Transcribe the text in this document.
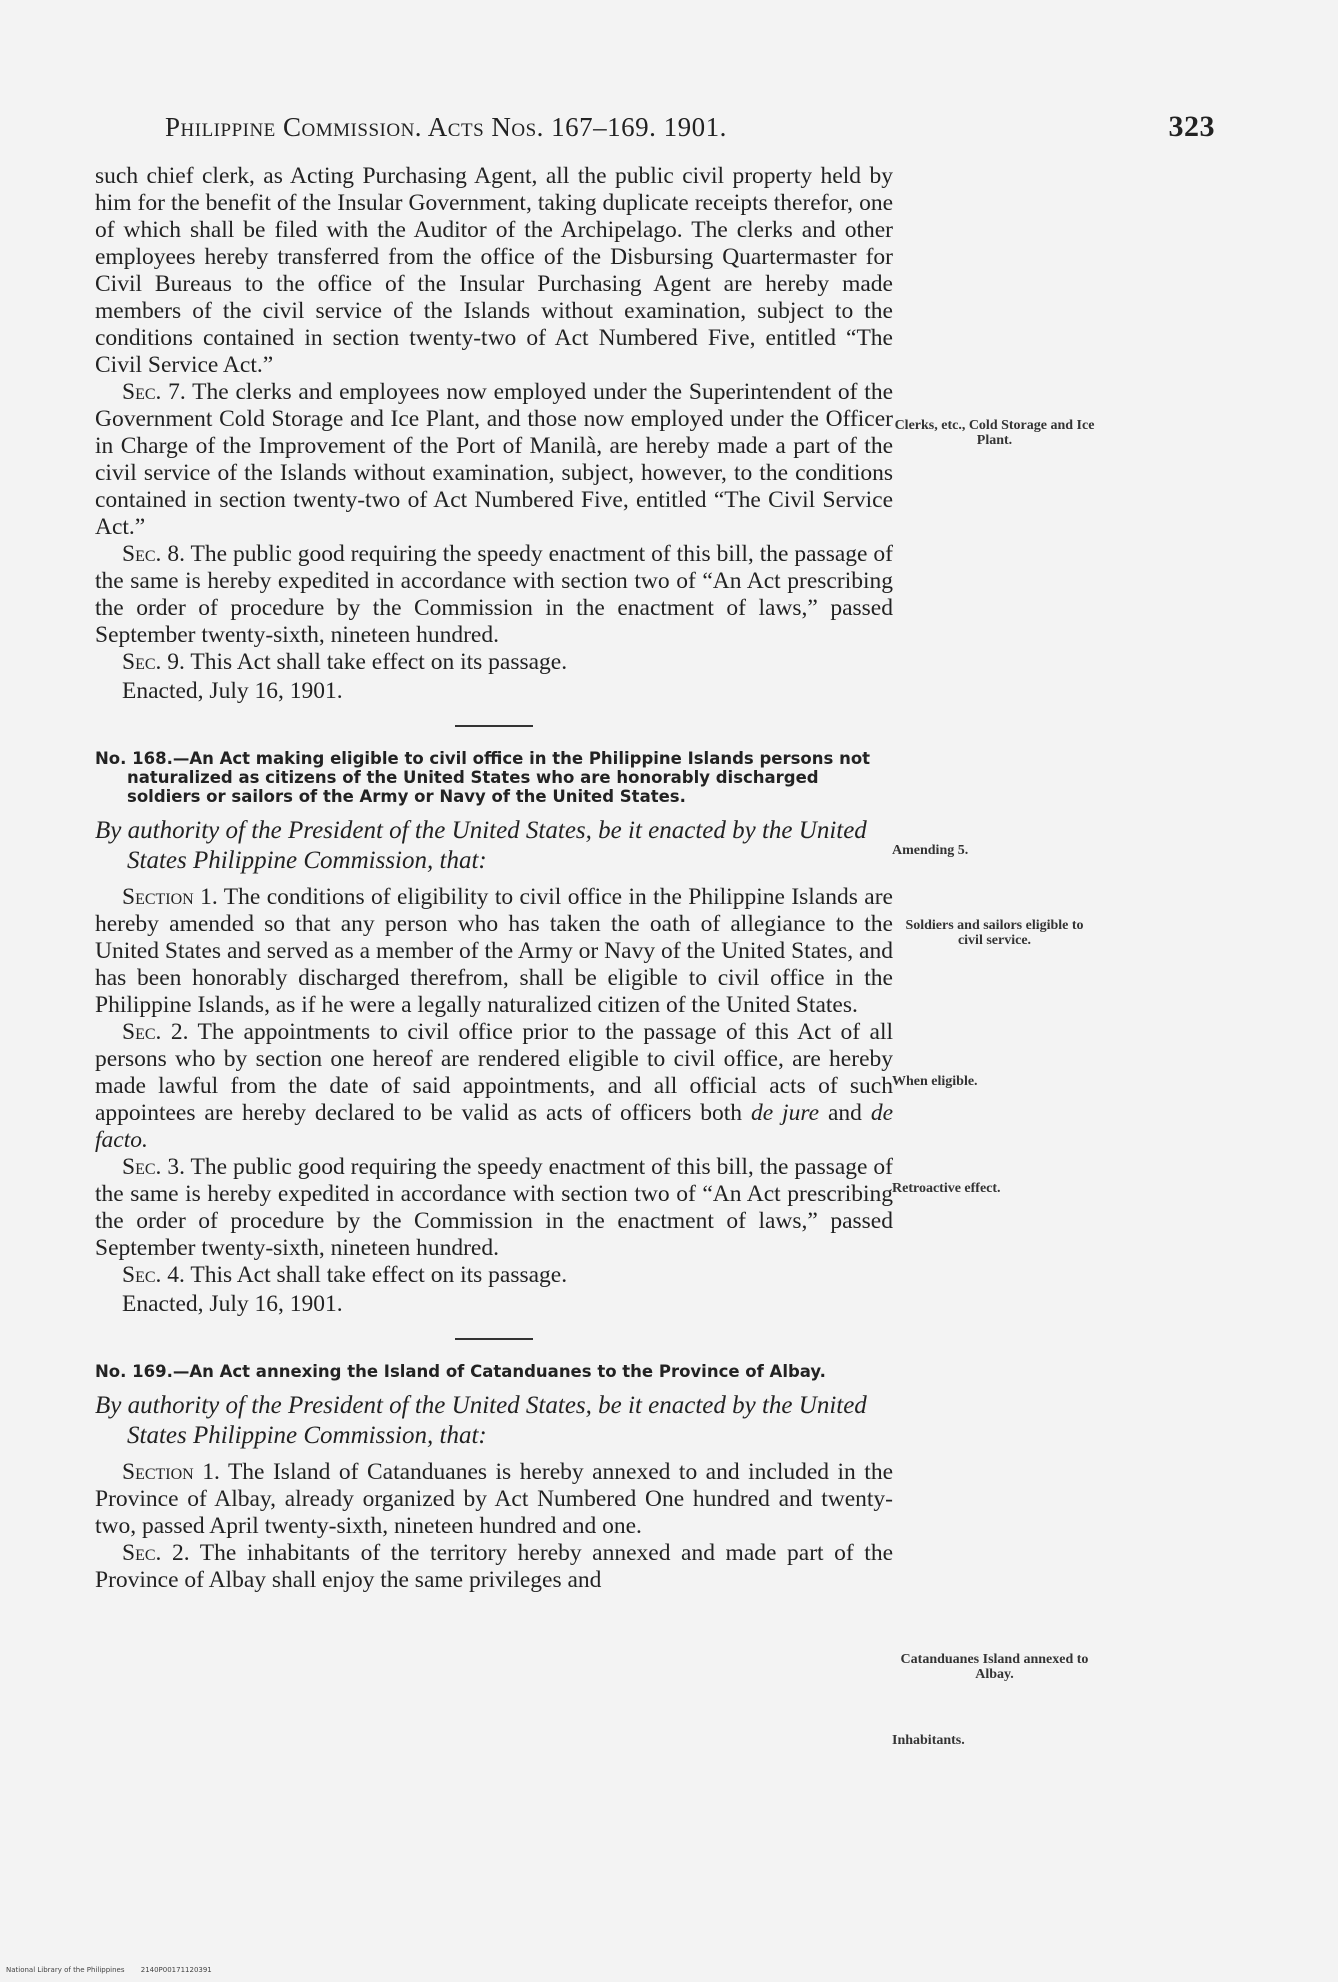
Philippine Commission. Acts Nos. 167–169. 1901.	323

such chief clerk, as Acting Purchasing Agent, all the public civil property held by him for the benefit of the Insular Government, taking duplicate receipts therefor, one of which shall be filed with the Auditor of the Archipelago. The clerks and other employees hereby transferred from the office of the Disbursing Quartermaster for Civil Bureaus to the office of the Insular Purchasing Agent are hereby made members of the civil service of the Islands without examination, subject to the conditions contained in section twenty-two of Act Numbered Five, entitled “The Civil Service Act.”

Sec. 7. The clerks and employees now employed under the Superintendent of the Government Cold Storage and Ice Plant, and those now employed under the Officer in Charge of the Improvement of the Port of Manilà, are hereby made a part of the civil service of the Islands without examination, subject, however, to the conditions contained in section twenty-two of Act Numbered Five, entitled “The Civil Service Act.”

Sec. 8. The public good requiring the speedy enactment of this bill, the passage of the same is hereby expedited in accordance with section two of “An Act prescribing the order of procedure by the Commission in the enactment of laws,” passed September twenty-sixth, nineteen hundred.

Sec. 9. This Act shall take effect on its passage.

Enacted, July 16, 1901.

No. 168.—An Act making eligible to civil office in the Philippine Islands persons not naturalized as citizens of the United States who are honorably discharged soldiers or sailors of the Army or Navy of the United States.

By authority of the President of the United States, be it enacted by the United States Philippine Commission, that:

Section 1. The conditions of eligibility to civil office in the Philippine Islands are hereby amended so that any person who has taken the oath of allegiance to the United States and served as a member of the Army or Navy of the United States, and has been honorably discharged therefrom, shall be eligible to civil office in the Philippine Islands, as if he were a legally naturalized citizen of the United States.

Sec. 2. The appointments to civil office prior to the passage of this Act of all persons who by section one hereof are rendered eligible to civil office, are hereby made lawful from the date of said appointments, and all official acts of such appointees are hereby declared to be valid as acts of officers both de jure and de facto.

Sec. 3. The public good requiring the speedy enactment of this bill, the passage of the same is hereby expedited in accordance with section two of “An Act prescribing the order of procedure by the Commission in the enactment of laws,” passed September twenty-sixth, nineteen hundred.

Sec. 4. This Act shall take effect on its passage.

Enacted, July 16, 1901.

No. 169.—An Act annexing the Island of Catanduanes to the Province of Albay.

By authority of the President of the United States, be it enacted by the United States Philippine Commission, that:

Section 1. The Island of Catanduanes is hereby annexed to and included in the Province of Albay, already organized by Act Numbered One hundred and twenty-two, passed April twenty-sixth, nineteen hundred and one.

Sec. 2. The inhabitants of the territory hereby annexed and made part of the Province of Albay shall enjoy the same privileges and

Clerks, etc., Cold Storage and Ice Plant.
Amending 5.
Soldiers and sailors eligible to civil service.
When eligible.
Retroactive effect.
Catanduanes Island annexed to Albay.
Inhabitants.
National Library of the Philippines 2140P00171120391
